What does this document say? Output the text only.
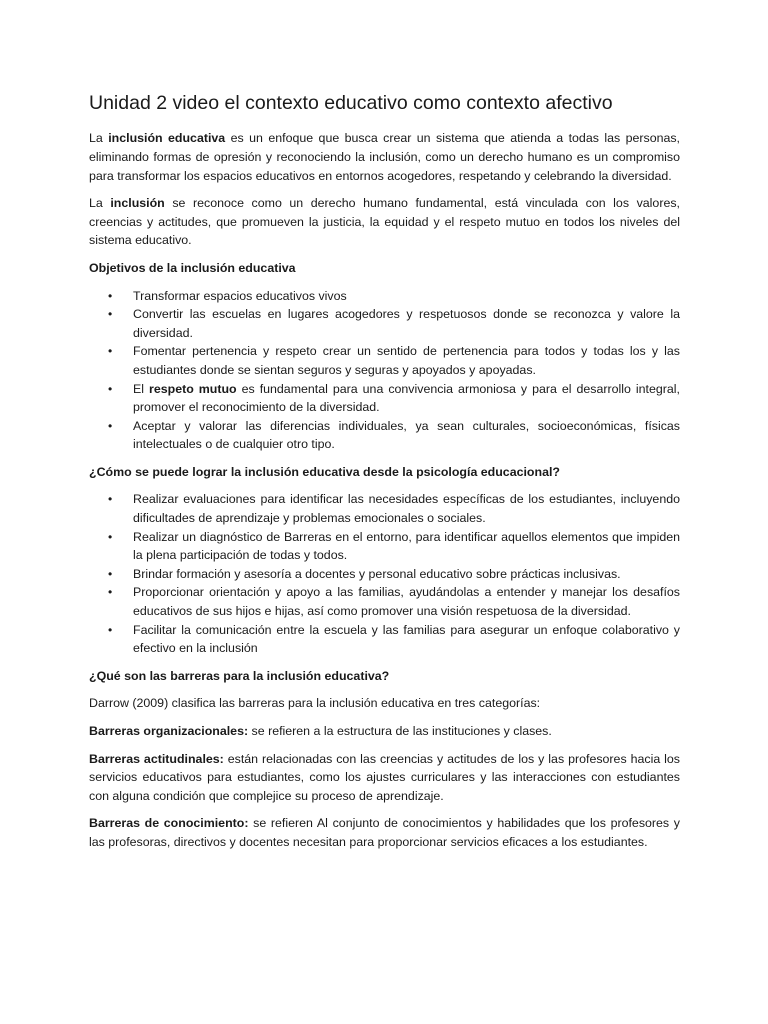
Unidad 2 video el contexto educativo como contexto afectivo

La inclusión educativa es un enfoque que busca crear un sistema que atienda a todas las personas, eliminando formas de opresión y reconociendo la inclusión, como un derecho humano es un compromiso para transformar los espacios educativos en entornos acogedores, respetando y celebrando la diversidad.

La inclusión se reconoce como un derecho humano fundamental, está vinculada con los valores, creencias y actitudes, que promueven la justicia, la equidad y el respeto mutuo en todos los niveles del sistema educativo.

Objetivos de la inclusión educativa

• Transformar espacios educativos vivos
• Convertir las escuelas en lugares acogedores y respetuosos donde se reconozca y valore la diversidad.
• Fomentar pertenencia y respeto crear un sentido de pertenencia para todos y todas los y las estudiantes donde se sientan seguros y seguras y apoyados y apoyadas.
• El respeto mutuo es fundamental para una convivencia armoniosa y para el desarrollo integral, promover el reconocimiento de la diversidad.
• Aceptar y valorar las diferencias individuales, ya sean culturales, socioeconómicas, físicas intelectuales o de cualquier otro tipo.

¿Cómo se puede lograr la inclusión educativa desde la psicología educacional?

• Realizar evaluaciones para identificar las necesidades específicas de los estudiantes, incluyendo dificultades de aprendizaje y problemas emocionales o sociales.
• Realizar un diagnóstico de Barreras en el entorno, para identificar aquellos elementos que impiden la plena participación de todas y todos.
• Brindar formación y asesoría a docentes y personal educativo sobre prácticas inclusivas.
• Proporcionar orientación y apoyo a las familias, ayudándolas a entender y manejar los desafíos educativos de sus hijos e hijas, así como promover una visión respetuosa de la diversidad.
• Facilitar la comunicación entre la escuela y las familias para asegurar un enfoque colaborativo y efectivo en la inclusión

¿Qué son las barreras para la inclusión educativa?

Darrow (2009) clasifica las barreras para la inclusión educativa en tres categorías:

Barreras organizacionales: se refieren a la estructura de las instituciones y clases.

Barreras actitudinales: están relacionadas con las creencias y actitudes de los y las profesores hacia los servicios educativos para estudiantes, como los ajustes curriculares y las interacciones con estudiantes con alguna condición que complejice su proceso de aprendizaje.

Barreras de conocimiento: se refieren Al conjunto de conocimientos y habilidades que los profesores y las profesoras, directivos y docentes necesitan para proporcionar servicios eficaces a los estudiantes.
